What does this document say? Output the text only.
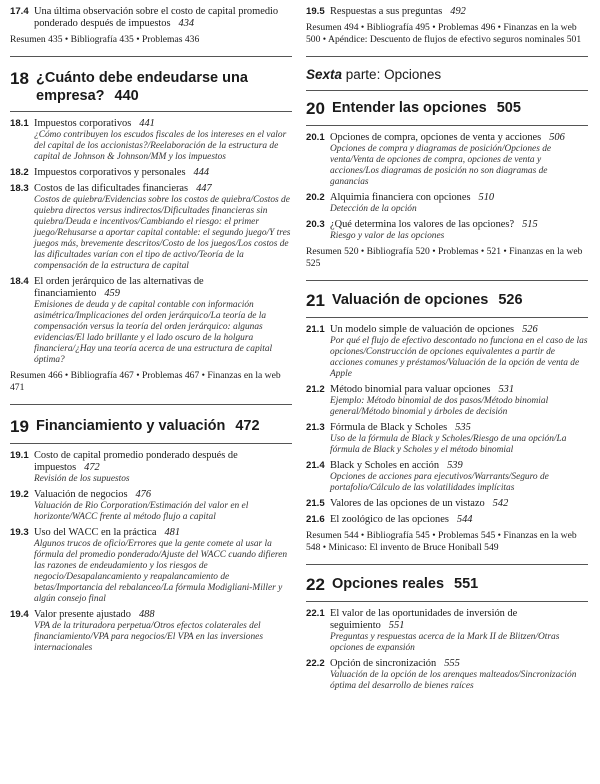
17.4 Una última observación sobre el costo de capital promedio ponderado después de impuestos 434
Resumen 435 • Bibliografía 435 • Problemas 436
18 ¿Cuánto debe endeudarse una empresa? 440
18.1 Impuestos corporativos 441
¿Cómo contribuyen los escudos fiscales de los intereses en el valor del capital de los accionistas?/Reelaboración de la estructura de capital de Johnson & Johnson/MM y los impuestos
18.2 Impuestos corporativos y personales 444
18.3 Costos de las dificultades financieras 447
Costos de quiebra/Evidencias sobre los costos de quiebra/Costos de quiebra directos versus indirectos/Dificultades financieras sin quiebra/Deuda e incentivos/Cambiando el riesgo: el primer juego/Rehusarse a aportar capital contable: el segundo juego/Y tres juegos más, brevemente descritos/Costo de los juegos/Los costos de las dificultades varían con el tipo de activo/Teoría de la compensación de la estructura de capital
18.4 El orden jerárquico de las alternativas de financiamiento 459
Emisiones de deuda y de capital contable con información asimétrica/Implicaciones del orden jerárquico/La teoría de la compensación versus la teoría del orden jerárquico: algunas evidencias/El lado brillante y el lado oscuro de la holgura financiera/¿Hay una teoría acerca de una estructura de capital óptima?
Resumen 466 • Bibliografía 467 • Problemas 467 • Finanzas en la web 471
19 Financiamiento y valuación 472
19.1 Costo de capital promedio ponderado después de impuestos 472
Revisión de los supuestos
19.2 Valuación de negocios 476
Valuación de Rio Corporation/Estimación del valor en el horizonte/WACC frente al método flujo a capital
19.3 Uso del WACC en la práctica 481
Algunos trucos de oficio/Errores que la gente comete al usar la fórmula del promedio ponderado/Ajuste del WACC cuando difieren las razones de endeudamiento y los riesgos de negocio/Desapalancamiento y reapalancamiento de betas/Importancia del rebalanceo/La fórmula Modigliani-Miller y algún consejo final
19.4 Valor presente ajustado 488
VPA de la trituradora perpetua/Otros efectos colaterales del financiamiento/VPA para negocios/El VPA en las inversiones internacionales
19.5 Respuestas a sus preguntas 492
Resumen 494 • Bibliografía 495 • Problemas 496 • Finanzas en la web 500 • Apéndice: Descuento de flujos de efectivo seguros nominales 501
Sexta parte: Opciones
20 Entender las opciones 505
20.1 Opciones de compra, opciones de venta y acciones 506
Opciones de compra y diagramas de posición/Opciones de venta/Venta de opciones de compra, opciones de venta y acciones/Los diagramas de posición no son diagramas de ganancias
20.2 Alquimia financiera con opciones 510
Detección de la opción
20.3 ¿Qué determina los valores de las opciones? 515
Riesgo y valor de las opciones
Resumen 520 • Bibliografía 520 • Problemas • 521 • Finanzas en la web 525
21 Valuación de opciones 526
21.1 Un modelo simple de valuación de opciones 526
Por qué el flujo de efectivo descontado no funciona en el caso de las opciones/Construcción de opciones equivalentes a partir de acciones comunes y préstamos/Valuación de la opción de venta de Apple
21.2 Método binomial para valuar opciones 531
Ejemplo: Método binomial de dos pasos/Método binomial general/Método binomial y árboles de decisión
21.3 Fórmula de Black y Scholes 535
Uso de la fórmula de Black y Scholes/Riesgo de una opción/La fórmula de Black y Scholes y el método binomial
21.4 Black y Scholes en acción 539
Opciones de acciones para ejecutivos/Warrants/Seguro de portafolio/Cálculo de las volatilidades implícitas
21.5 Valores de las opciones de un vistazo 542
21.6 El zoológico de las opciones 544
Resumen 544 • Bibliografía 545 • Problemas 545 • Finanzas en la web 548 • Minicaso: El invento de Bruce Honiball 549
22 Opciones reales 551
22.1 El valor de las oportunidades de inversión de seguimiento 551
Preguntas y respuestas acerca de la Mark II de Blitzen/Otras opciones de expansión
22.2 Opción de sincronización 555
Valuación de la opción de los arenques malteados/Sincronización óptima del desarrollo de bienes raíces
